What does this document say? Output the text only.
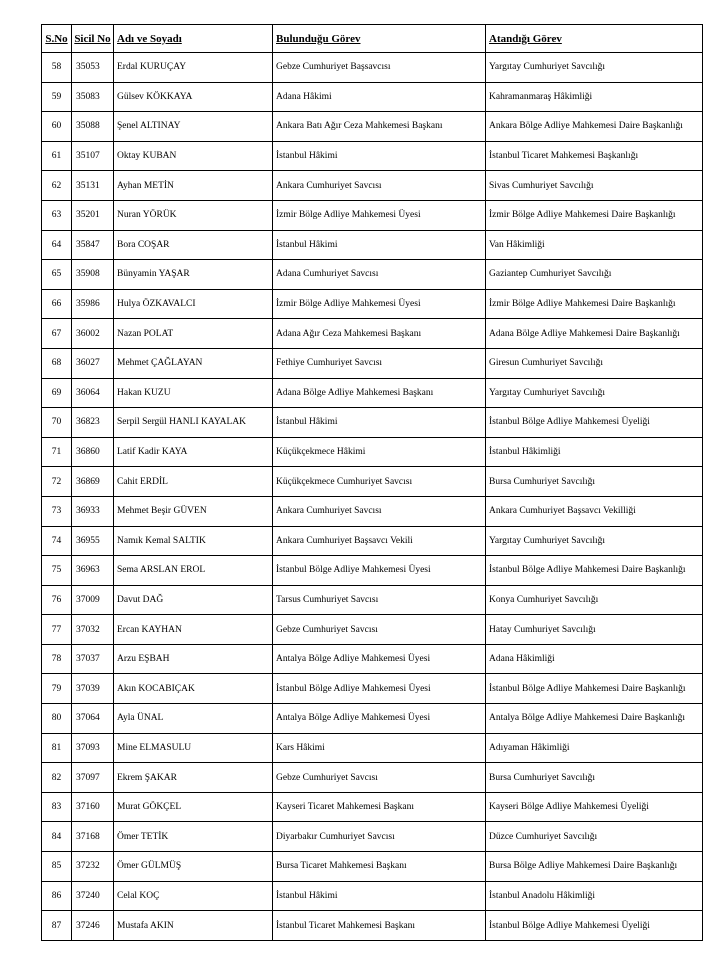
S.No	Sicil No	Adı ve Soyadı	Bulunduğu Görev	Atandığı Görev
58	35053	Erdal KURUÇAY	Gebze Cumhuriyet Başsavcısı	Yargıtay Cumhuriyet Savcılığı
59	35083	Gülsev KÖKKAYA	Adana Hâkimi	Kahramanmaraş Hâkimliği
60	35088	Şenel ALTINAY	Ankara Batı Ağır Ceza Mahkemesi Başkanı	Ankara Bölge Adliye Mahkemesi Daire Başkanlığı
61	35107	Oktay KUBAN	İstanbul Hâkimi	İstanbul Ticaret Mahkemesi Başkanlığı
62	35131	Ayhan METİN	Ankara Cumhuriyet Savcısı	Sivas Cumhuriyet Savcılığı
63	35201	Nuran YÖRÜK	İzmir Bölge Adliye Mahkemesi Üyesi	İzmir Bölge Adliye Mahkemesi Daire Başkanlığı
64	35847	Bora COŞAR	İstanbul Hâkimi	Van Hâkimliği
65	35908	Bünyamin YAŞAR	Adana Cumhuriyet Savcısı	Gaziantep Cumhuriyet Savcılığı
66	35986	Hulya ÖZKAVALCI	İzmir Bölge Adliye Mahkemesi Üyesi	İzmir Bölge Adliye Mahkemesi Daire Başkanlığı
67	36002	Nazan POLAT	Adana Ağır Ceza Mahkemesi Başkanı	Adana Bölge Adliye Mahkemesi Daire Başkanlığı
68	36027	Mehmet ÇAĞLAYAN	Fethiye Cumhuriyet Savcısı	Giresun Cumhuriyet Savcılığı
69	36064	Hakan KUZU	Adana Bölge Adliye Mahkemesi Başkanı	Yargıtay Cumhuriyet Savcılığı
70	36823	Serpil Sergül HANLI KAYALAK	İstanbul Hâkimi	İstanbul Bölge Adliye Mahkemesi Üyeliği
71	36860	Latif Kadir KAYA	Küçükçekmece Hâkimi	İstanbul Hâkimliği
72	36869	Cahit ERDİL	Küçükçekmece Cumhuriyet Savcısı	Bursa Cumhuriyet Savcılığı
73	36933	Mehmet Beşir GÜVEN	Ankara Cumhuriyet Savcısı	Ankara Cumhuriyet Başsavcı Vekilliği
74	36955	Namık Kemal SALTIK	Ankara Cumhuriyet Başsavcı Vekili	Yargıtay Cumhuriyet Savcılığı
75	36963	Sema ARSLAN EROL	İstanbul Bölge Adliye Mahkemesi Üyesi	İstanbul Bölge Adliye Mahkemesi Daire Başkanlığı
76	37009	Davut DAĞ	Tarsus Cumhuriyet Savcısı	Konya Cumhuriyet Savcılığı
77	37032	Ercan KAYHAN	Gebze Cumhuriyet Savcısı	Hatay Cumhuriyet Savcılığı
78	37037	Arzu EŞBAH	Antalya Bölge Adliye Mahkemesi Üyesi	Adana Hâkimliği
79	37039	Akın KOCABIÇAK	İstanbul Bölge Adliye Mahkemesi Üyesi	İstanbul Bölge Adliye Mahkemesi Daire Başkanlığı
80	37064	Ayla ÜNAL	Antalya Bölge Adliye Mahkemesi Üyesi	Antalya Bölge Adliye Mahkemesi Daire Başkanlığı
81	37093	Mine ELMASULU	Kars Hâkimi	Adıyaman Hâkimliği
82	37097	Ekrem ŞAKAR	Gebze Cumhuriyet Savcısı	Bursa Cumhuriyet Savcılığı
83	37160	Murat GÖKÇEL	Kayseri Ticaret Mahkemesi Başkanı	Kayseri Bölge Adliye Mahkemesi Üyeliği
84	37168	Ömer TETİK	Diyarbakır Cumhuriyet Savcısı	Düzce Cumhuriyet Savcılığı
85	37232	Ömer GÜLMÜŞ	Bursa Ticaret Mahkemesi Başkanı	Bursa Bölge Adliye Mahkemesi Daire Başkanlığı
86	37240	Celal KOÇ	İstanbul Hâkimi	İstanbul Anadolu Hâkimliği
87	37246	Mustafa AKIN	İstanbul Ticaret Mahkemesi Başkanı	İstanbul Bölge Adliye Mahkemesi Üyeliği
